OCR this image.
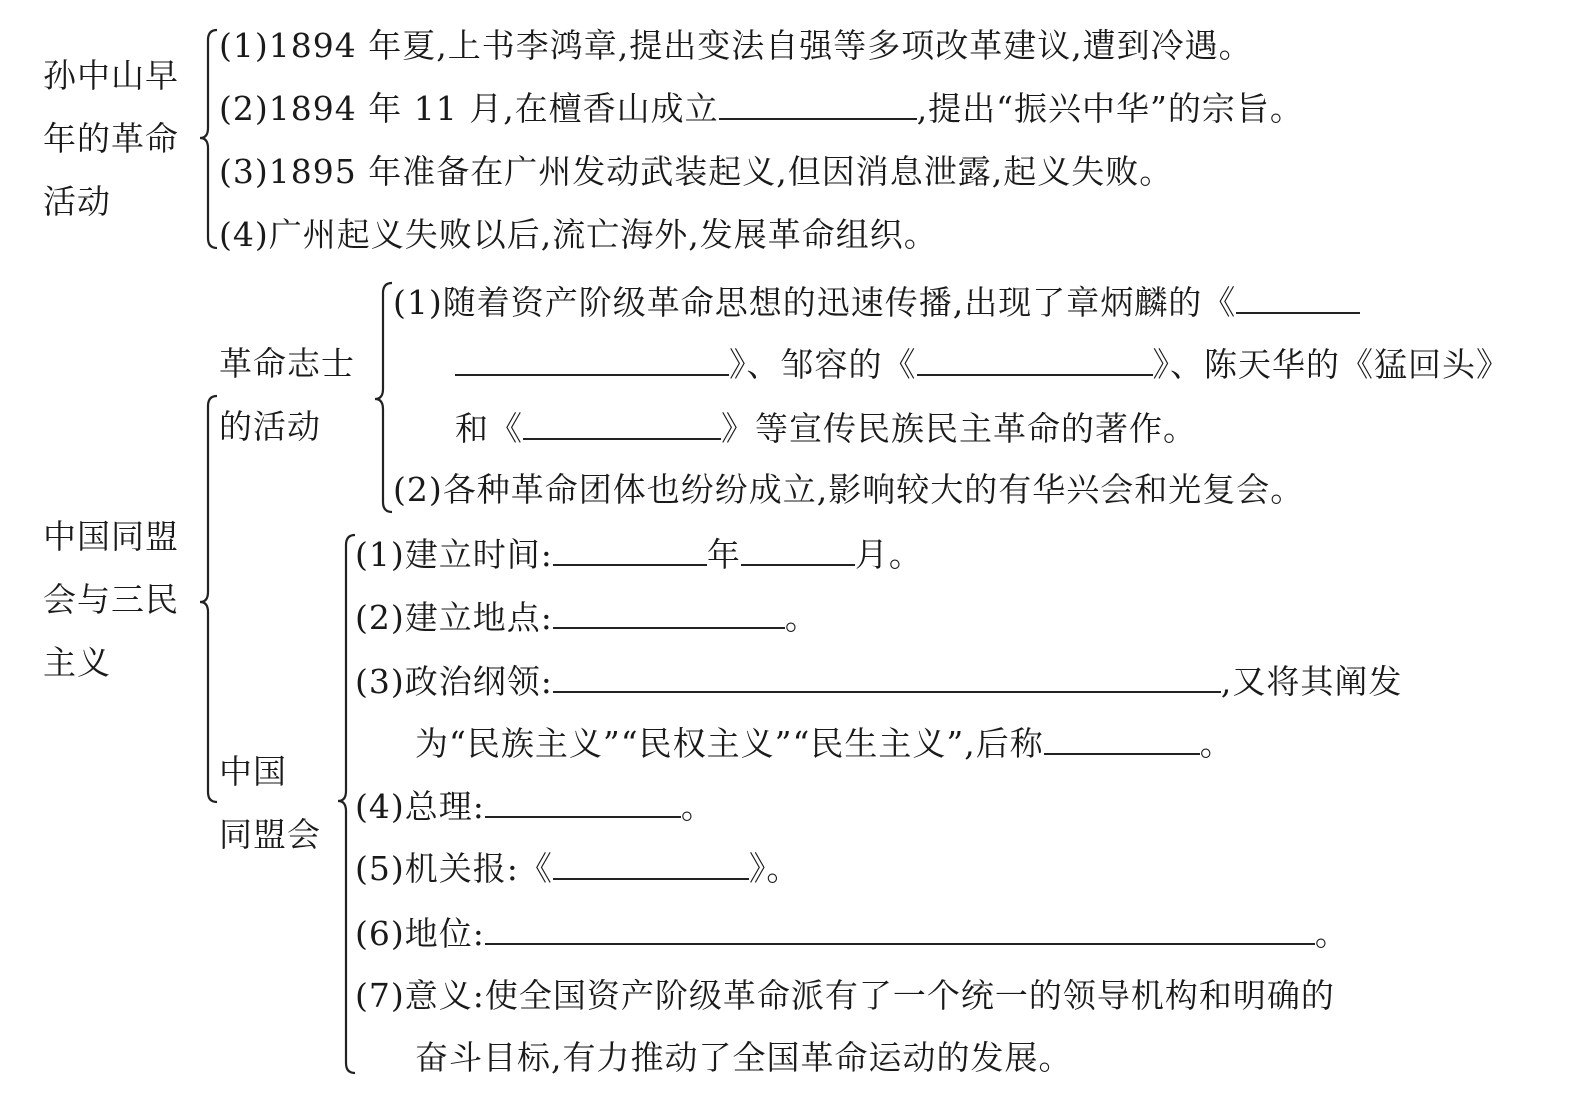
孙中山早
年的革命
活动
(1)1894 年夏,上书李鸿章,提出变法自强等多项改革建议,遭到冷遇。
(2)1894 年 11 月,在檀香山成立	,提出“振兴中华”的宗旨。
(3)1895 年准备在广州发动武装起义,但因消息泄露,起义失败。
(4)广州起义失败以后,流亡海外,发展革命组织。
中国同盟
会与三民
主义
革命志士
的活动
(1)随着资产阶级革命思想的迅速传播,出现了章炳麟的《
》、邹容的《	》、陈天华的《猛回头》
和《	》等宣传民族民主革命的著作。
(2)各种革命团体也纷纷成立,影响较大的有华兴会和光复会。
中国
同盟会
(1)建立时间:	年	月。
(2)建立地点:	。
(3)政治纲领:	,又将其阐发
为“民族主义”“民权主义”“民生主义”,后称	。
(4)总理:	。
(5)机关报:《	》。
(6)地位:	。
(7)意义:使全国资产阶级革命派有了一个统一的领导机构和明确的
奋斗目标,有力推动了全国革命运动的发展。
